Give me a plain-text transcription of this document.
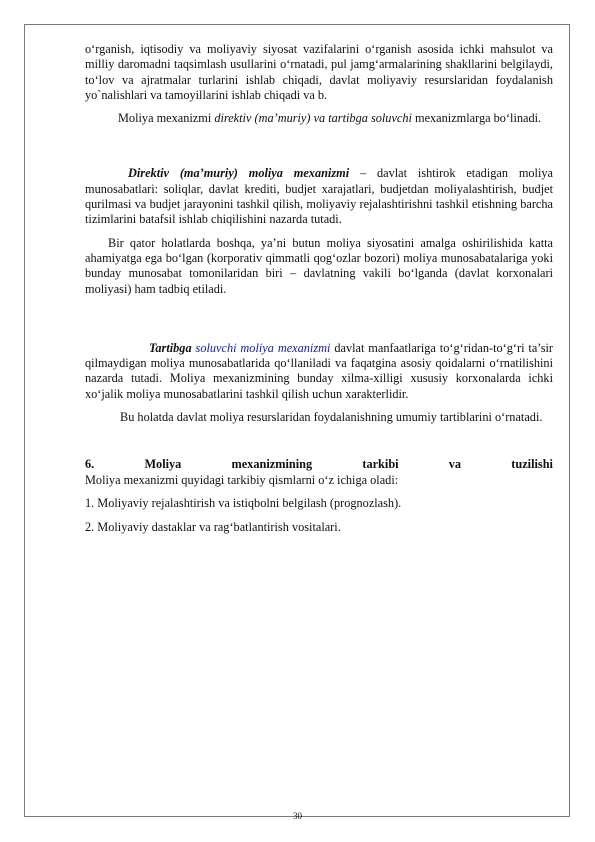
o‘rganish, iqtisodiy va moliyaviy siyosat vazifalarini o‘rganish asosida ichki mahsulot va milliy daromadni taqsimlash usullarini o‘rnatadi, pul jamg‘armalarining shakllarini belgilaydi, to‘lov va ajratmalar turlarini ishlab chiqadi, davlat moliyaviy resurslaridan foydalanish yo`nalishlari va tamoyillarini ishlab chiqadi va b.

Moliya mexanizmi direktiv (ma’muriy) va tartibga soluvchi mexanizmlarga bo‘linadi.

Direktiv (ma’muriy) moliya mexanizmi – davlat ishtirok etadigan moliya munosabatlari: soliqlar, davlat krediti, budjet xarajatlari, budjetdan moliyalashtirish, budjet qurilmasi va budjet jarayonini tashkil qilish, moliyaviy rejalashtirishni tashkil etishning barcha tizimlarini batafsil ishlab chiqilishini nazarda tutadi.

Bir qator holatlarda boshqa, ya’ni butun moliya siyosatini amalga oshirilishida katta ahamiyatga ega bo‘lgan (korporativ qimmatli qog‘ozlar bozori) moliya munosabatalariga yoki bunday munosabat tomonilaridan biri – davlatning vakili bo‘lganda (davlat korxonalari moliyasi) ham tadbiq etiladi.

Tartibga soluvchi moliya mexanizmi davlat manfaatlariga to‘g‘ridan-to‘g‘ri ta’sir qilmaydigan moliya munosabatlarida qo‘llaniladi va faqatgina asosiy qoidalarni o‘rnatilishini nazarda tutadi. Moliya mexanizmining bunday xilma-xilligi xususiy korxonalarda ichki xo‘jalik moliya munosabatlarini tashkil qilish uchun xarakterlidir.

Bu holatda davlat moliya resurslaridan foydalanishning umumiy tartiblarini o‘rnatadi.

6.	Moliya	mexanizmining	tarkibi	va	tuzilishi

Moliya mexanizmi quyidagi tarkibiy qismlarni o‘z ichiga oladi:

1. Moliyaviy rejalashtirish va istiqbolni belgilash (prognozlash).

2. Moliyaviy dastaklar va rag‘batlantirish vositalari.

30
